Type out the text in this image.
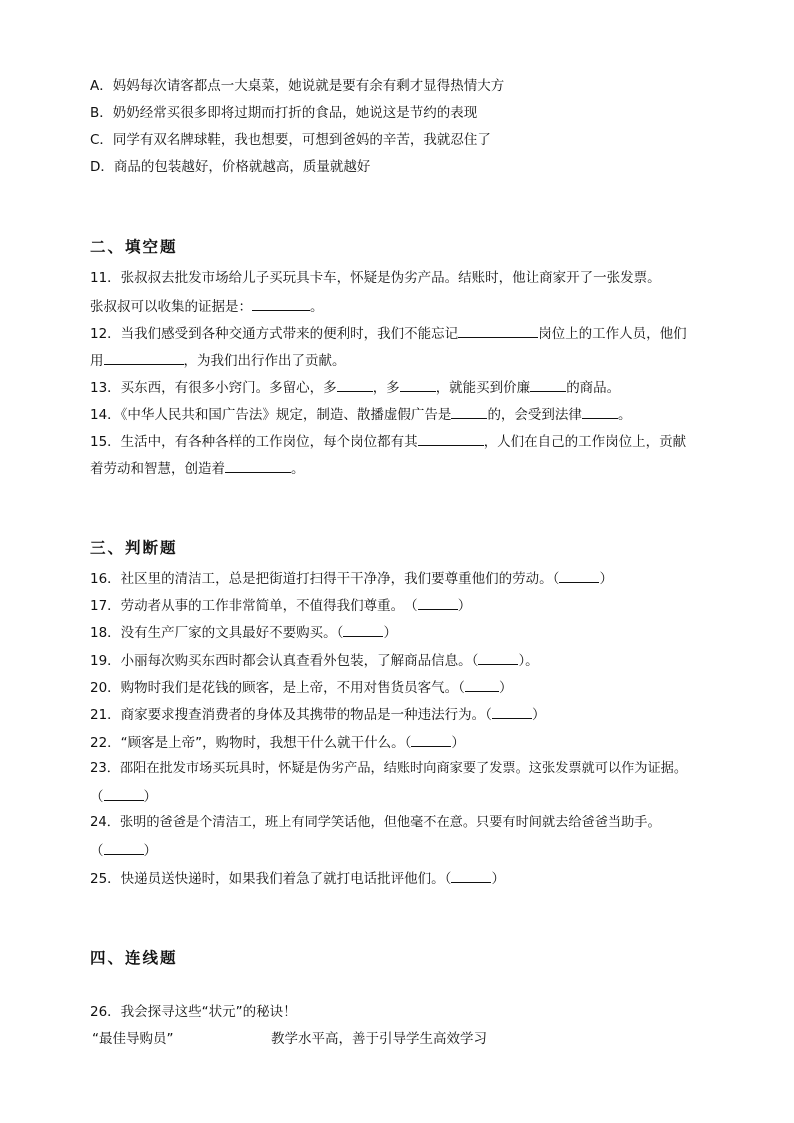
A．妈妈每次请客都点一大桌菜，她说就是要有余有剩才显得热情大方
B．奶奶经常买很多即将过期而打折的食品，她说这是节约的表现
C．同学有双名牌球鞋，我也想要，可想到爸妈的辛苦，我就忍住了
D．商品的包装越好，价格就越高，质量就越好
二、填空题
11．张叔叔去批发市场给儿子买玩具卡车，怀疑是伪劣产品。结账时，他让商家开了一张发票。
张叔叔可以收集的证据是：	。
12．当我们感受到各种交通方式带来的便利时，我们不能忘记	岗位上的工作人员，他们
用	，为我们出行作出了贡献。
13．买东西，有很多小窍门。多留心，多	，多	，就能买到价廉	的商品。
14．《中华人民共和国广告法》规定，制造、散播虚假广告是	的，会受到法律	。
15．生活中，有各种各样的工作岗位，每个岗位都有其	，人们在自己的工作岗位上，贡献
着劳动和智慧，创造着	。
三、判断题
16．社区里的清洁工，总是把街道打扫得干干净净，我们要尊重他们的劳动。（	）
17．劳动者从事的工作非常简单，不值得我们尊重。　（	）
18．没有生产厂家的文具最好不要购买。（	）
19．小丽每次购买东西时都会认真查看外包装，了解商品信息。（	）。
20．购物时我们是花钱的顾客，是上帝，不用对售货员客气。（	）
21．商家要求搜查消费者的身体及其携带的物品是一种违法行为。（	）
22．“顾客是上帝”，购物时，我想干什么就干什么。（	）
23．邵阳在批发市场买玩具时，怀疑是伪劣产品，结账时向商家要了发票。这张发票就可以作为证据。
（	）
24．张明的爸爸是个清洁工，班上有同学笑话他，但他毫不在意。只要有时间就去给爸爸当助手。
（	）
25．快递员送快递时，如果我们着急了就打电话批评他们。（	）
四、连线题
26．我会探寻这些“状元”的秘诀！
“最佳导购员”	教学水平高，善于引导学生高效学习
